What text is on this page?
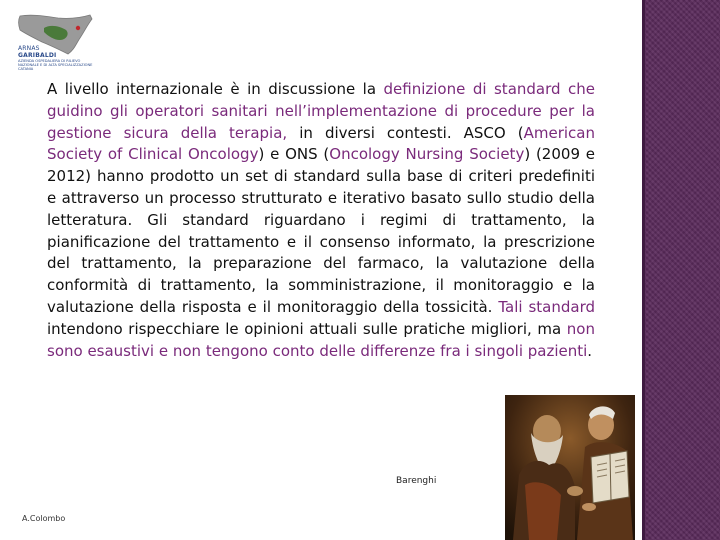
ARNAS
GARIBALDI
AZIENDA OSPEDALIERA DI RILIEVO
NAZIONALE E DI ALTA SPECIALIZZAZIONE
CATANIA
A livello internazionale è in discussione la definizione di standard che guidino gli operatori sanitari nell’implementazione di procedure per la gestione sicura della terapia, in diversi contesti. ASCO (American Society of Clinical Oncology) e ONS (Oncology Nursing Society) (2009 e 2012) hanno prodotto un set di standard sulla base di criteri predefiniti e attraverso un processo strutturato e iterativo basato sullo studio della letteratura. Gli standard riguardano i regimi di trattamento, la pianificazione del trattamento e il consenso informato, la prescrizione del trattamento, la preparazione del farmaco, la valutazione della conformità di trattamento, la somministrazione, il monitoraggio e la valutazione della risposta e il monitoraggio della tossicità. Tali standard intendono rispecchiare le opinioni attuali sulle pratiche migliori, ma non sono esaustivi e non tengono conto delle differenze fra i singoli pazienti.
Barenghi
A.Colombo
